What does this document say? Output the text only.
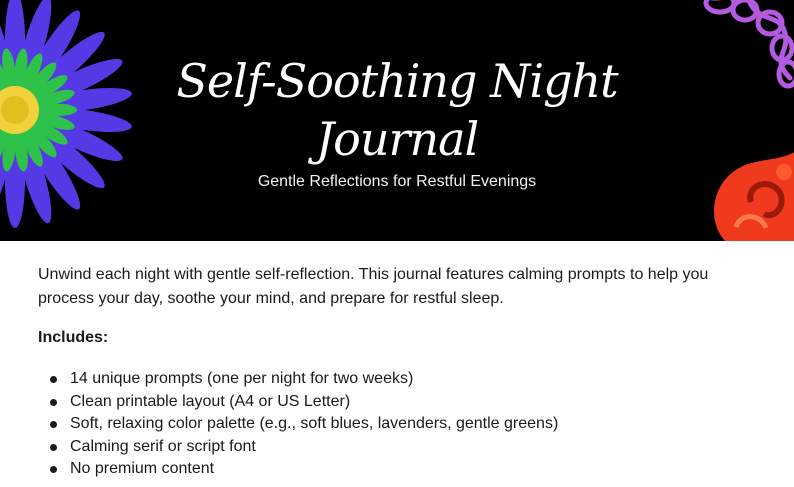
Self-Soothing Night
Journal

Gentle Reflections for Restful Evenings

Unwind each night with gentle self-reflection. This journal features calming prompts to help you process your day, soothe your mind, and prepare for restful sleep.

Includes:

14 unique prompts (one per night for two weeks)
Clean printable layout (A4 or US Letter)
Soft, relaxing color palette (e.g., soft blues, lavenders, gentle greens)
Calming serif or script font
No premium content
